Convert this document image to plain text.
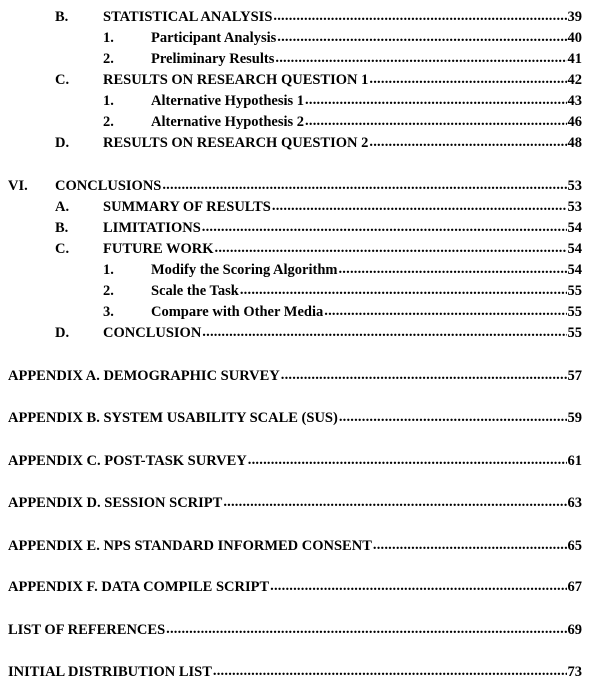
B. STATISTICAL ANALYSIS .....	39
1.	Participant Analysis .....	40
2.	Preliminary Results .....	41
C. RESULTS ON RESEARCH QUESTION 1 .....	42
1.	Alternative Hypothesis 1 .....	43
2.	Alternative Hypothesis 2 .....	46
D. RESULTS ON RESEARCH QUESTION 2 .....	48
VI. CONCLUSIONS .....	53
A. SUMMARY OF RESULTS .....	53
B. LIMITATIONS .....	54
C. FUTURE WORK .....	54
1.	Modify the Scoring Algorithm .....	54
2.	Scale the Task .....	55
3.	Compare with Other Media .....	55
D. CONCLUSION .....	55
APPENDIX A. DEMOGRAPHIC SURVEY .....	57
APPENDIX B. SYSTEM USABILITY SCALE (SUS) .....	59
APPENDIX C. POST-TASK SURVEY .....	61
APPENDIX D. SESSION SCRIPT .....	63
APPENDIX E. NPS STANDARD INFORMED CONSENT .....	65
APPENDIX F. DATA COMPILE SCRIPT .....	67
LIST OF REFERENCES .....	69
INITIAL DISTRIBUTION LIST .....	73
